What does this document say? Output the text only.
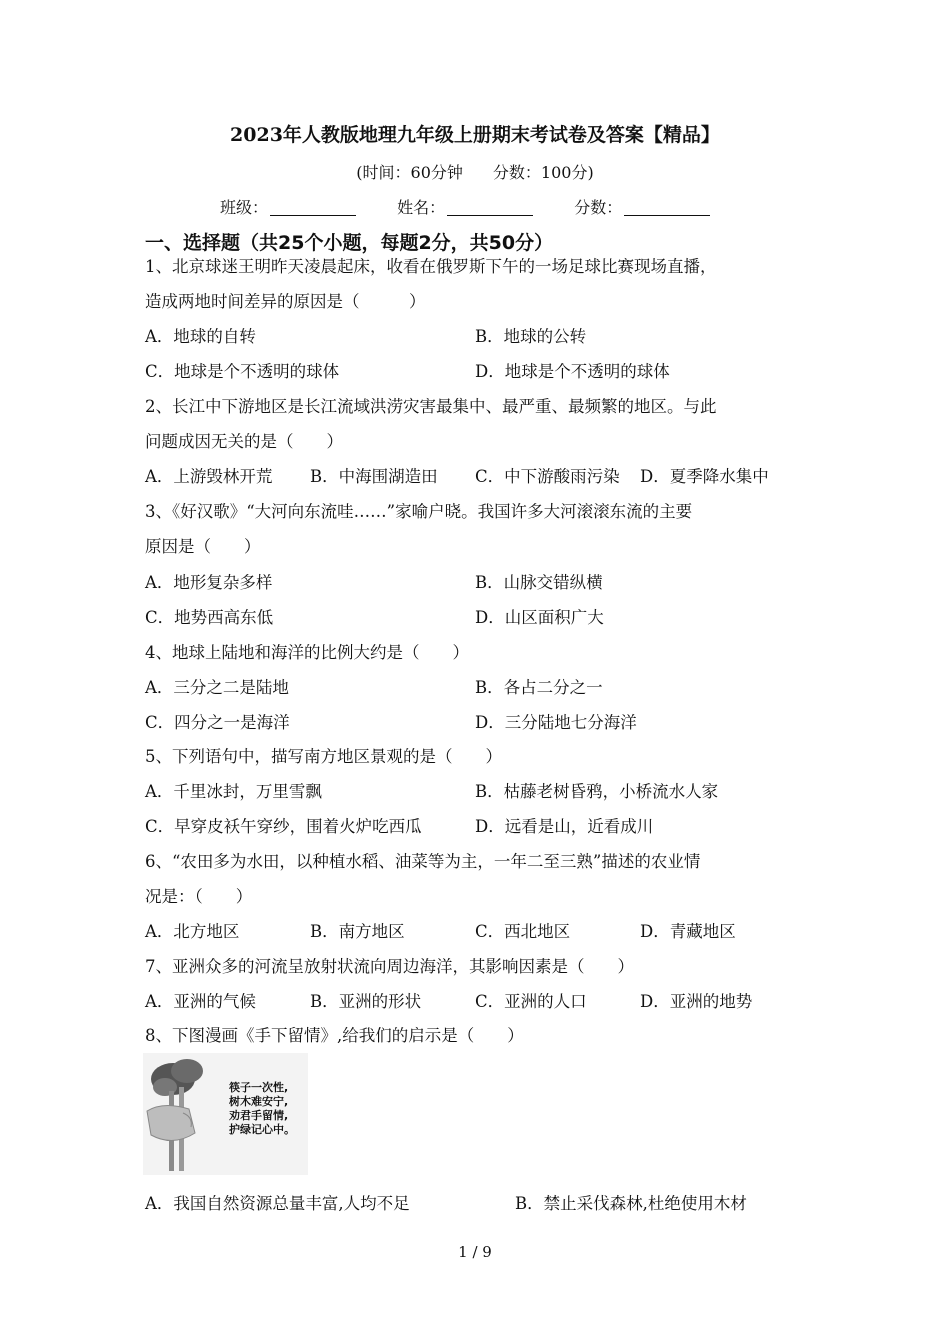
2023年人教版地理九年级上册期末考试卷及答案【精品】
(时间：60分钟 分数：100分)
班级：	姓名：	分数：
一、选择题（共25个小题，每题2分，共50分）
1、北京球迷王明昨天凌晨起床，收看在俄罗斯下午的一场足球比赛现场直播，
造成两地时间差异的原因是（　　　）
A．地球的自转	B．地球的公转
C．地球是个不透明的球体	D．地球是个不透明的球体
2、长江中下游地区是长江流域洪涝灾害最集中、最严重、最频繁的地区。与此
问题成因无关的是（　　）
A．上游毁林开荒 B．中海围湖造田 C．中下游酸雨污染 D．夏季降水集中
3、《好汉歌》“大河向东流哇……”家喻户晓。我国许多大河滚滚东流的主要
原因是（　　）
A．地形复杂多样	B．山脉交错纵横
C．地势西高东低	D．山区面积广大
4、地球上陆地和海洋的比例大约是（　　）
A．三分之二是陆地	B．各占二分之一
C．四分之一是海洋	D．三分陆地七分海洋
5、下列语句中，描写南方地区景观的是（　　）
A．千里冰封，万里雪飘	B．枯藤老树昏鸦，小桥流水人家
C．早穿皮袄午穿纱，围着火炉吃西瓜	D．远看是山，近看成川
6、“农田多为水田，以种植水稻、油菜等为主，一年二至三熟”描述的农业情
况是：（　　）
A．北方地区	B．南方地区	C．西北地区	D．青藏地区
7、亚洲众多的河流呈放射状流向周边海洋，其影响因素是（　　）
A．亚洲的气候	B．亚洲的形状	C．亚洲的人口	D．亚洲的地势
8、下图漫画《手下留情》,给我们的启示是（　　）
筷子一次性,
树木难安宁,
劝君手留情,
护绿记心中。
A．我国自然资源总量丰富,人均不足	B．禁止采伐森林,杜绝使用木材
1 / 9
